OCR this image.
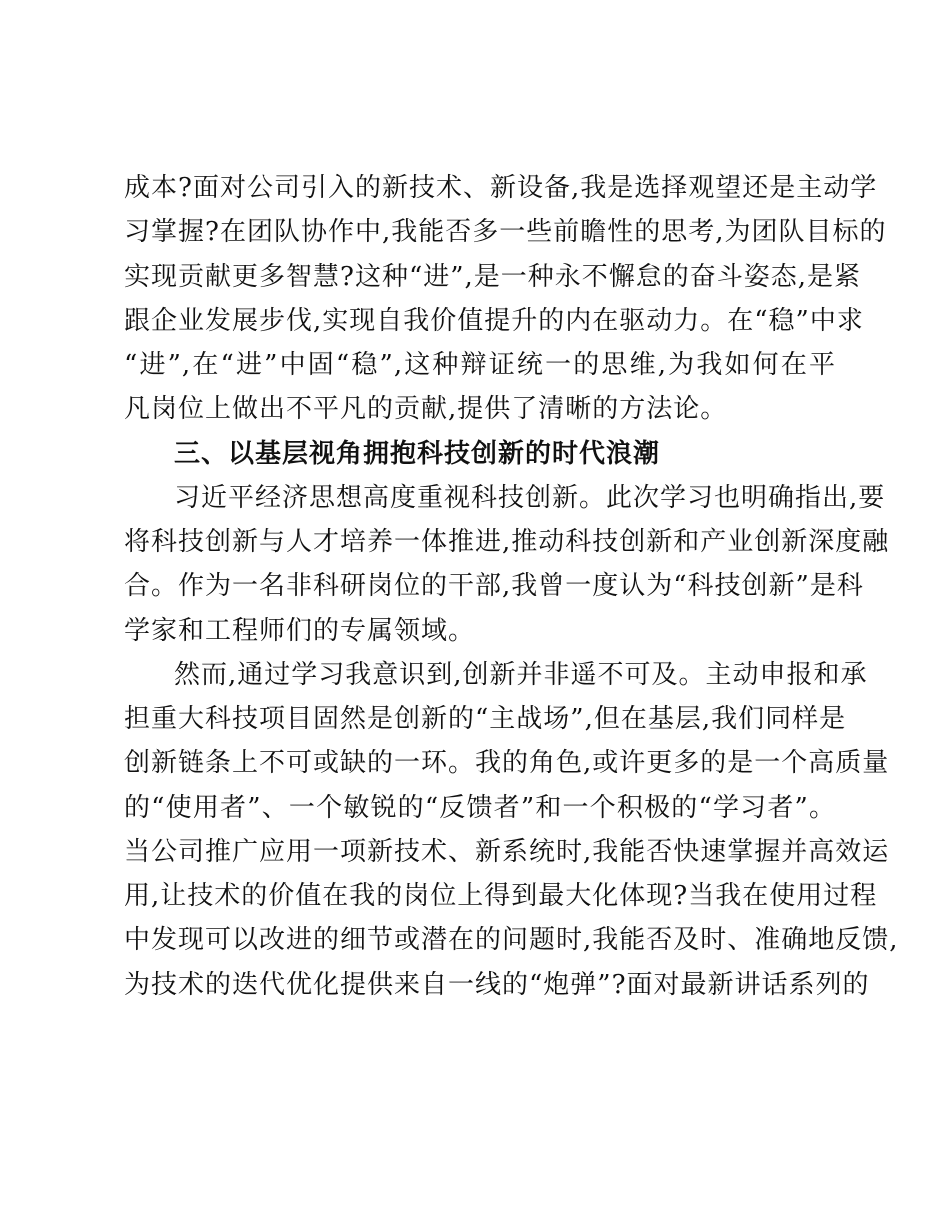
成本?面对公司引入的新技术、新设备,我是选择观望还是主动学
习掌握?在团队协作中,我能否多一些前瞻性的思考,为团队目标的
实现贡献更多智慧?这种“进”,是一种永不懈怠的奋斗姿态,是紧
跟企业发展步伐,实现自我价值提升的内在驱动力。在“稳”中求
“进”,在“进”中固“稳”,这种辩证统一的思维,为我如何在平
凡岗位上做出不平凡的贡献,提供了清晰的方法论。
三、以基层视角拥抱科技创新的时代浪潮
习近平经济思想高度重视科技创新。此次学习也明确指出,要
将科技创新与人才培养一体推进,推动科技创新和产业创新深度融
合。作为一名非科研岗位的干部,我曾一度认为“科技创新”是科
学家和工程师们的专属领域。
然而,通过学习我意识到,创新并非遥不可及。主动申报和承
担重大科技项目固然是创新的“主战场”,但在基层,我们同样是
创新链条上不可或缺的一环。我的角色,或许更多的是一个高质量
的“使用者”、一个敏锐的“反馈者”和一个积极的“学习者”。
当公司推广应用一项新技术、新系统时,我能否快速掌握并高效运
用,让技术的价值在我的岗位上得到最大化体现?当我在使用过程
中发现可以改进的细节或潜在的问题时,我能否及时、准确地反馈,
为技术的迭代优化提供来自一线的“炮弹”?面对最新讲话系列的
